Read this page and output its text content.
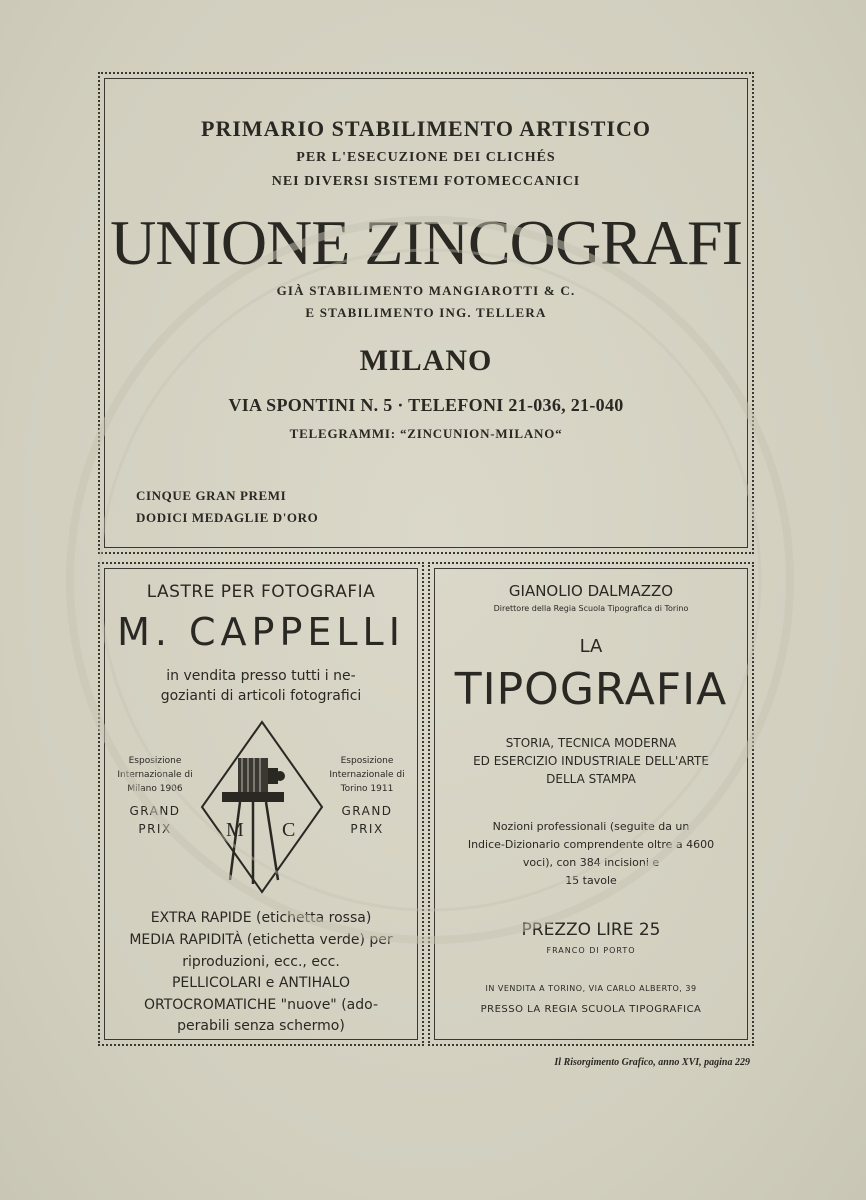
PRIMARIO STABILIMENTO ARTISTICO
PER L'ESECUZIONE DEI CLICHÉS
NEI DIVERSI SISTEMI FOTOMECCANICI
UNIONE ZINCOGRAFI
GIÀ STABILIMENTO MANGIAROTTI & C.
E STABILIMENTO ING. TELLERA
MILANO
VIA SPONTINI N. 5 · TELEFONI 21-036, 21-040
TELEGRAMMI: “ZINCUNION-MILANO“
CINQUE GRAN PREMI
DODICI MEDAGLIE D'ORO
LASTRE PER FOTOGRAFIA
M. CAPPELLI
in vendita presso tutti i ne-
gozianti di articoli fotografici
Esposizione
Internazionale di
Milano 1906
GRAND
PRIX
Esposizione
Internazionale di
Torino 1911
GRAND
PRIX
M C
EXTRA RAPIDE (etichetta rossa)
MEDIA RAPIDITÀ (etichetta verde) per
riproduzioni, ecc., ecc.
PELLICOLARI e ANTIHALO
ORTOCROMATICHE "nuove" (ado-
perabili senza schermo)
GIANOLIO DALMAZZO
Direttore della Regia Scuola Tipografica di Torino
LA
TIPOGRAFIA
STORIA, TECNICA MODERNA
ED ESERCIZIO INDUSTRIALE DELL'ARTE
DELLA STAMPA
Nozioni professionali (seguite da un
Indice-Dizionario comprendente oltre a 4600
voci), con 384 incisioni e
15 tavole
PREZZO LIRE 25
FRANCO DI PORTO
IN VENDITA A TORINO, VIA CARLO ALBERTO, 39
PRESSO LA REGIA SCUOLA TIPOGRAFICA
Il Risorgimento Grafico, anno XVI, pagina 229
